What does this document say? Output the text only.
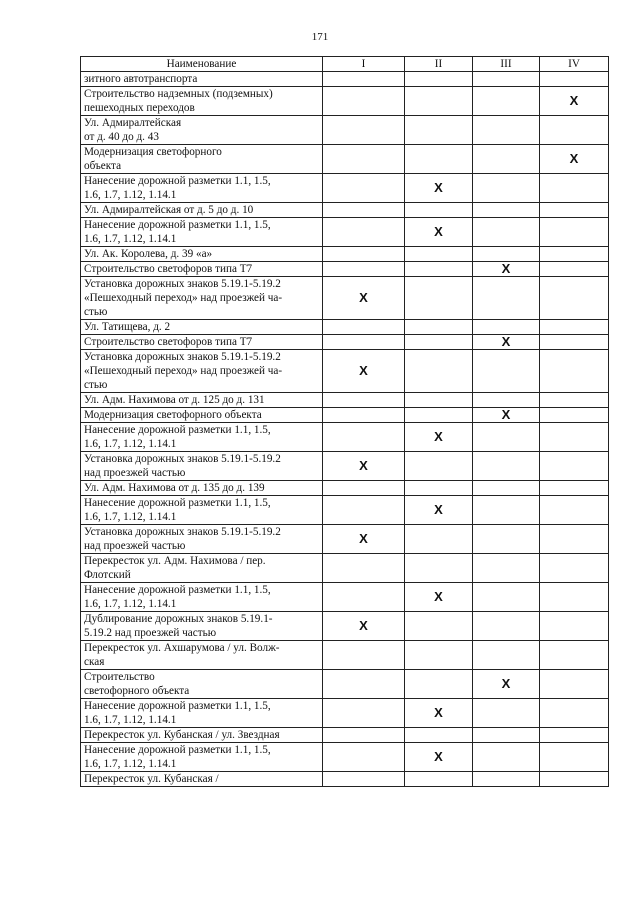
171
Наименование	I	II	III	IV
зитного автотранспорта				
Строительство надземных (подземных)
пешеходных переходов				X
Ул. Адмиралтейская
от д. 40 до д. 43				
Модернизация светофорного
объекта				X
Нанесение дорожной разметки 1.1, 1.5,
1.6, 1.7, 1.12, 1.14.1		X		
Ул. Адмиралтейская от д. 5 до д. 10				
Нанесение дорожной разметки 1.1, 1.5,
1.6, 1.7, 1.12, 1.14.1		X		
Ул. Ак. Королева, д. 39 «а»				
Строительство светофоров типа Т7			X	
Установка дорожных знаков 5.19.1-5.19.2
«Пешеходный переход» над проезжей ча-
стью	X			
Ул. Татищева, д. 2				
Строительство светофоров типа Т7			X	
Установка дорожных знаков 5.19.1-5.19.2
«Пешеходный переход» над проезжей ча-
стью	X			
Ул. Адм. Нахимова от д. 125 до д. 131				
Модернизация светофорного объекта			X	
Нанесение дорожной разметки 1.1, 1.5,
1.6, 1.7, 1.12, 1.14.1		X		
Установка дорожных знаков 5.19.1-5.19.2
над проезжей частью	X			
Ул. Адм. Нахимова от д. 135 до д. 139				
Нанесение дорожной разметки 1.1, 1.5,
1.6, 1.7, 1.12, 1.14.1		X		
Установка дорожных знаков 5.19.1-5.19.2
над проезжей частью	X			
Перекресток ул. Адм. Нахимова / пер.
Флотский				
Нанесение дорожной разметки 1.1, 1.5,
1.6, 1.7, 1.12, 1.14.1		X		
Дублирование дорожных знаков 5.19.1-
5.19.2 над проезжей частью	X			
Перекресток ул. Ахшарумова / ул. Волж-
ская				
Строительство
светофорного объекта			X	
Нанесение дорожной разметки 1.1, 1.5,
1.6, 1.7, 1.12, 1.14.1		X		
Перекресток ул. Кубанская / ул. Звездная				
Нанесение дорожной разметки 1.1, 1.5,
1.6, 1.7, 1.12, 1.14.1		X		
Перекресток ул. Кубанская /				
